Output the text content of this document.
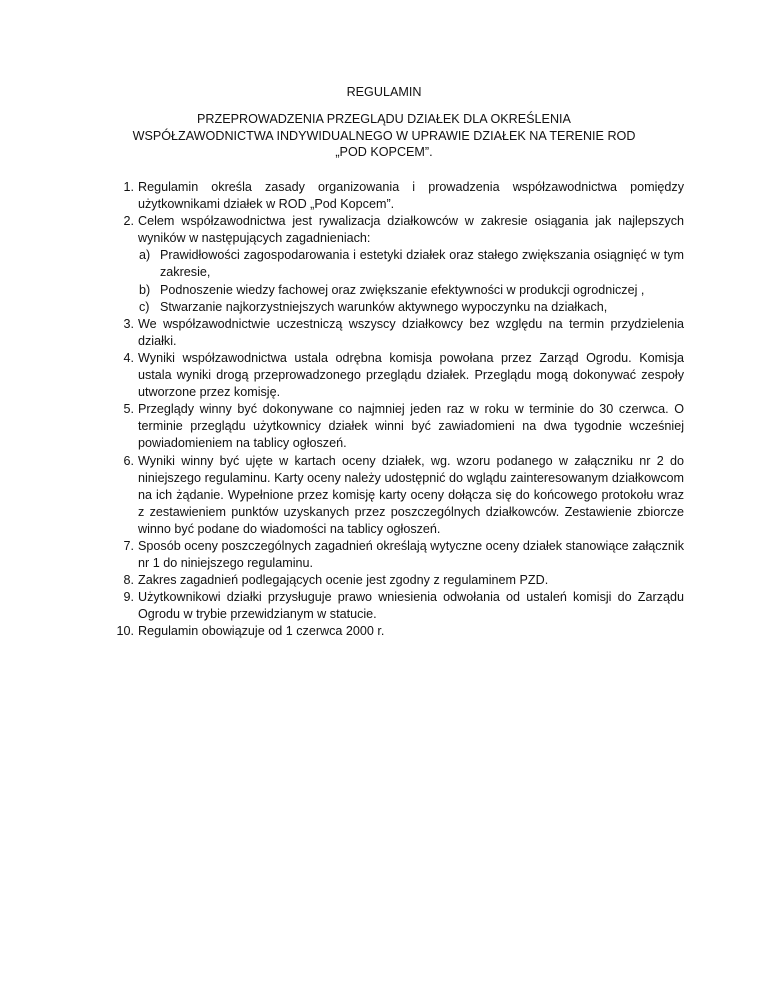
REGULAMIN

PRZEPROWADZENIA PRZEGLĄDU DZIAŁEK DLA OKREŚLENIA WSPÓŁZAWODNICTWA INDYWIDUALNEGO W UPRAWIE DZIAŁEK NA TERENIE ROD „POD KOPCEM”.

1. Regulamin określa zasady organizowania i prowadzenia współzawodnictwa pomiędzy użytkownikami działek w ROD „Pod Kopcem”.
2. Celem współzawodnictwa jest rywalizacja działkowców w zakresie osiągania jak najlepszych wyników w następujących zagadnieniach:
a) Prawidłowości zagospodarowania i estetyki działek oraz stałego zwiększania osiągnięć w tym zakresie,
b) Podnoszenie wiedzy fachowej oraz zwiększanie efektywności w produkcji ogrodniczej ,
c) Stwarzanie najkorzystniejszych warunków aktywnego wypoczynku na działkach,
3. We współzawodnictwie uczestniczą wszyscy działkowcy bez względu na termin przydzielenia działki.
4. Wyniki współzawodnictwa ustala odrębna komisja powołana przez Zarząd Ogrodu. Komisja ustala wyniki drogą przeprowadzonego przeglądu działek. Przeglądu mogą dokonywać zespoły utworzone przez komisję.
5. Przeglądy winny być dokonywane co najmniej jeden raz w roku w terminie do 30 czerwca. O terminie przeglądu użytkownicy działek winni być zawiadomieni na dwa tygodnie wcześniej powiadomieniem na tablicy ogłoszeń.
6. Wyniki winny być ujęte w kartach oceny działek, wg. wzoru podanego w załączniku nr 2 do niniejszego regulaminu. Karty oceny należy udostępnić do wglądu zainteresowanym działkowcom na ich żądanie. Wypełnione przez komisję karty oceny dołącza się do końcowego protokołu wraz z zestawieniem punktów uzyskanych przez poszczególnych działkowców. Zestawienie zbiorcze winno być podane do wiadomości na tablicy ogłoszeń.
7. Sposób oceny poszczególnych zagadnień określają wytyczne oceny działek stanowiące załącznik nr 1 do niniejszego regulaminu.
8. Zakres zagadnień podlegających ocenie jest zgodny z regulaminem PZD.
9. Użytkownikowi działki przysługuje prawo wniesienia odwołania od ustaleń komisji do Zarządu Ogrodu w trybie przewidzianym w statucie.
10. Regulamin obowiązuje od 1 czerwca 2000 r.
